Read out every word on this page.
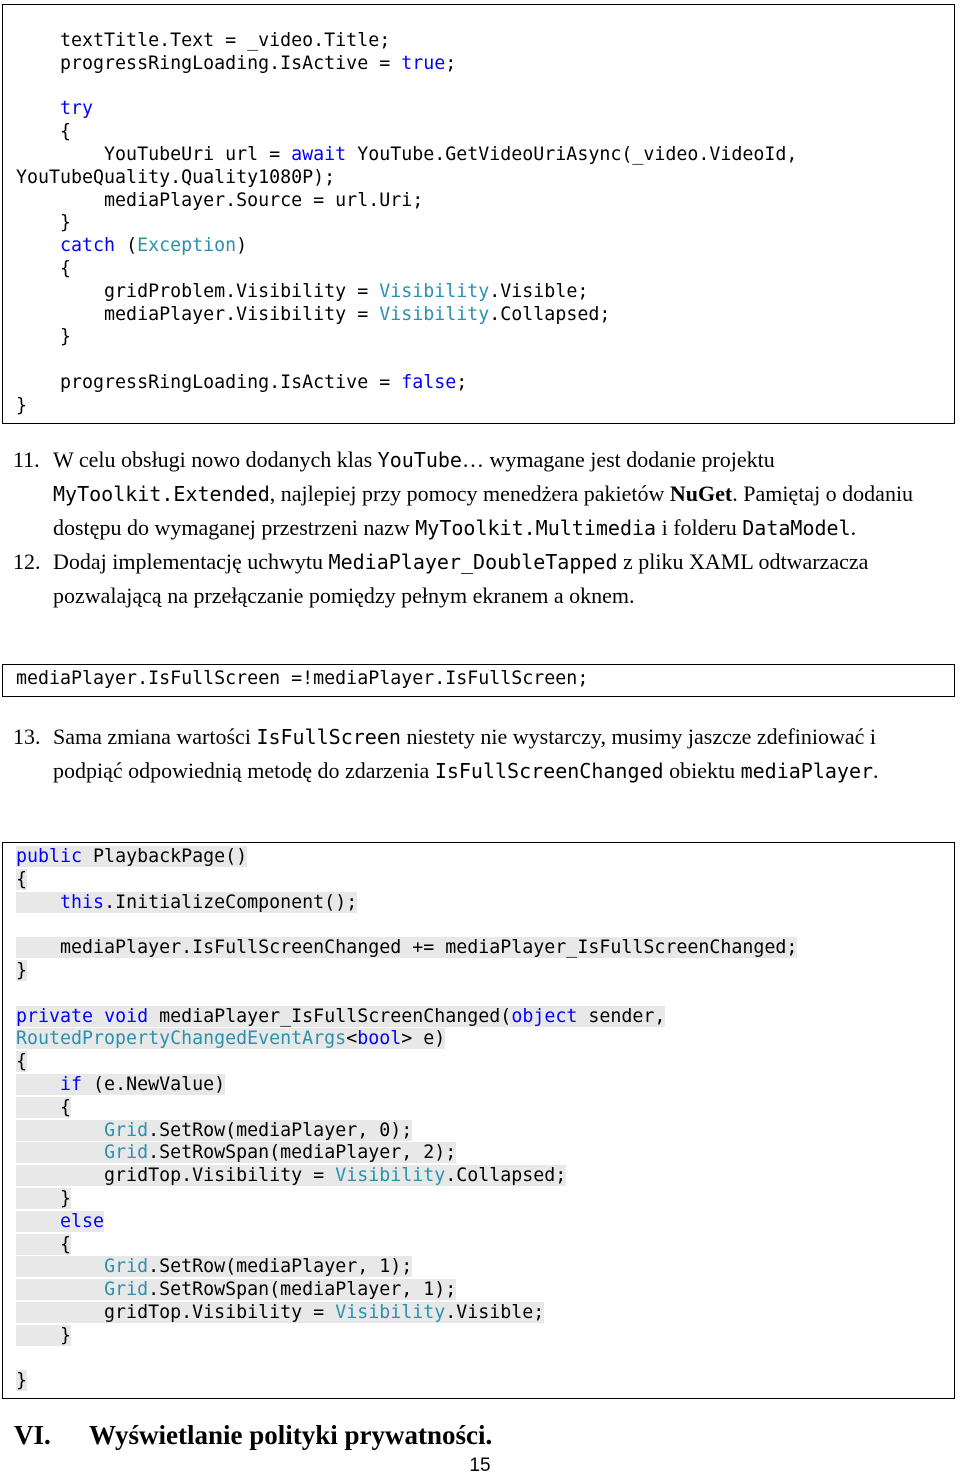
textTitle.Text = _video.Title;
progressRingLoading.IsActive = true;

try
{
YouTubeUri url = await YouTube.GetVideoUriAsync(_video.VideoId,
YouTubeQuality.Quality1080P);
mediaPlayer.Source = url.Uri;
}
catch (Exception)
{
gridProblem.Visibility = Visibility.Visible;
mediaPlayer.Visibility = Visibility.Collapsed;
}

progressRingLoading.IsActive = false;
}
11. W celu obsługi nowo dodanych klas YouTube… wymagane jest dodanie projektu
MyToolkit.Extended, najlepiej przy pomocy menedżera pakietów NuGet. Pamiętaj o dodaniu dostępu do wymaganej przestrzeni nazw MyToolkit.Multimedia i folderu DataModel.
12. Dodaj implementację uchwytu MediaPlayer_DoubleTapped z pliku XAML odtwarzacza pozwalającą na przełączanie pomiędzy pełnym ekranem a oknem.
mediaPlayer.IsFullScreen =!mediaPlayer.IsFullScreen;
13. Sama zmiana wartości IsFullScreen niestety nie wystarczy, musimy jaszcze zdefiniować i podpiąć odpowiednią metodę do zdarzenia IsFullScreenChanged obiektu mediaPlayer.
public PlaybackPage()
{
this.InitializeComponent();

mediaPlayer.IsFullScreenChanged += mediaPlayer_IsFullScreenChanged;
}

private void mediaPlayer_IsFullScreenChanged(object sender,
RoutedPropertyChangedEventArgs<bool> e)
{
if (e.NewValue)
{
Grid.SetRow(mediaPlayer, 0);
Grid.SetRowSpan(mediaPlayer, 2);
gridTop.Visibility = Visibility.Collapsed;
}
else
{
Grid.SetRow(mediaPlayer, 1);
Grid.SetRowSpan(mediaPlayer, 1);
gridTop.Visibility = Visibility.Visible;
}

}
VI. Wyświetlanie polityki prywatności.
15
